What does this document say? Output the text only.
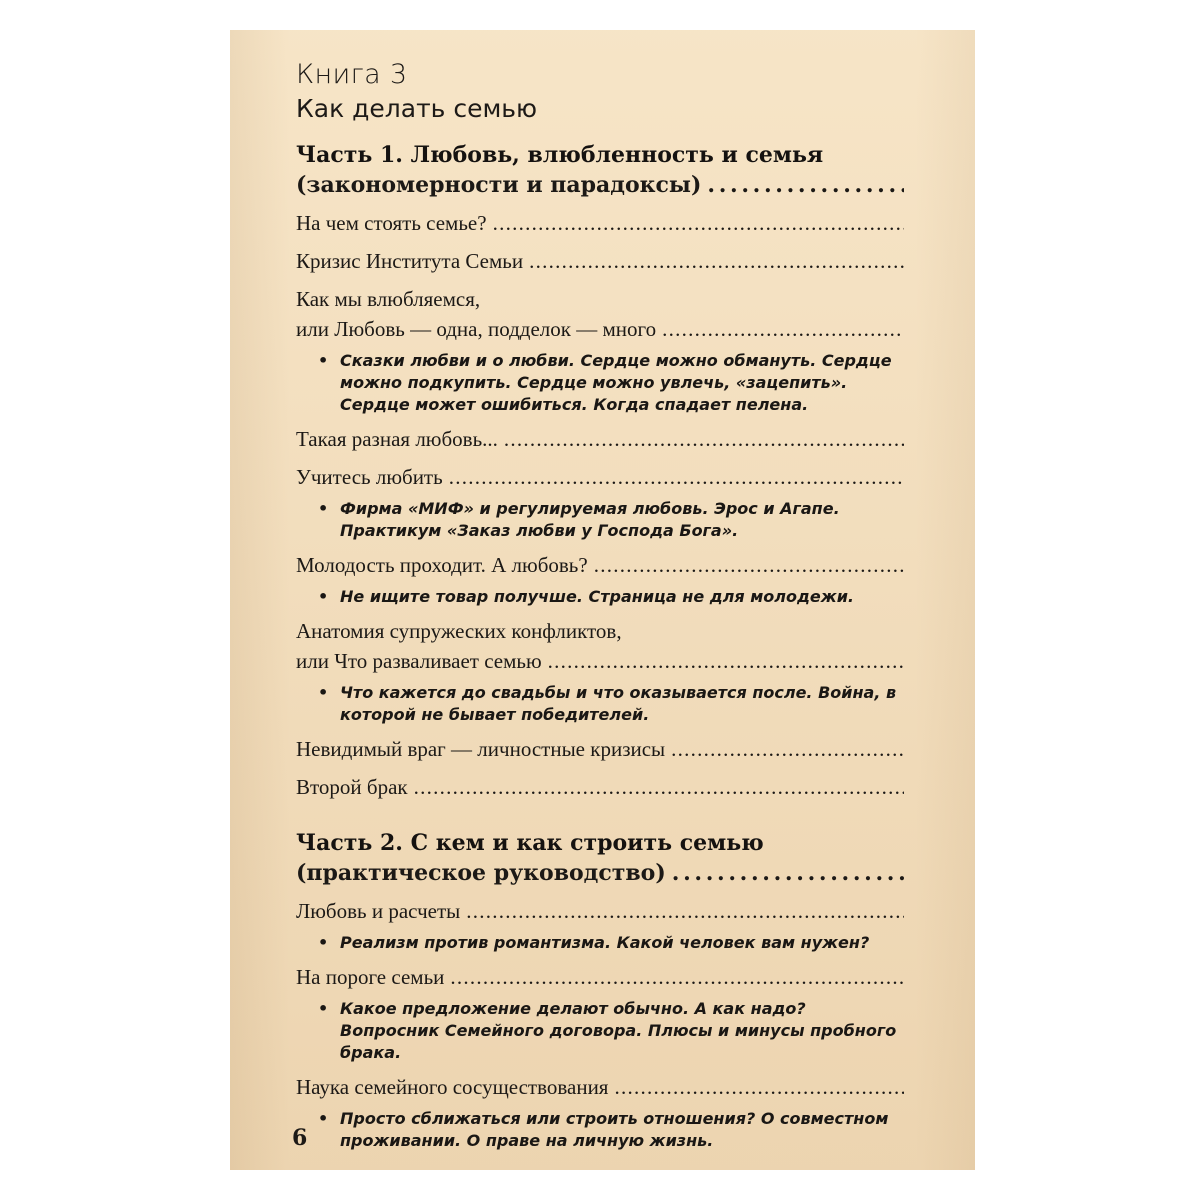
Книга 3
Как делать семью
Часть 1. Любовь, влюбленность и семья
(закономерности и парадоксы)
. . .
На чем стоять семье?
. . .
Кризис Института Семьи
. . .
Как мы влюбляемся,
или Любовь — одна, подделок — много
. . .
• Сказки любви и о любви. Сердце можно обмануть. Сердце можно подкупить. Сердце можно увлечь, «зацепить». Сердце может ошибиться. Когда спадает пелена.
Такая разная любовь...
. . .
Учитесь любить
. . .
• Фирма «МИФ» и регулируемая любовь. Эрос и Агапе. Практикум «Заказ любви у Господа Бога».
Молодость проходит. А любовь?
. . .
• Не ищите товар получше. Страница не для молодежи.
Анатомия супружеских конфликтов,
или Что разваливает семью
. . .
• Что кажется до свадьбы и что оказывается после. Война, в которой не бывает победителей.
Невидимый враг — личностные кризисы
. . .
Второй брак
. . .
Часть 2. С кем и как строить семью
(практическое руководство)
. . .
Любовь и расчеты
. . .
• Реализм против романтизма. Какой человек вам нужен?
На пороге семьи
. . .
• Какое предложение делают обычно. А как надо? Вопросник Семейного договора. Плюсы и минусы пробного брака.
Наука семейного сосуществования
. . .
• Просто сближаться или строить отношения? О совместном проживании. О праве на личную жизнь.
6
